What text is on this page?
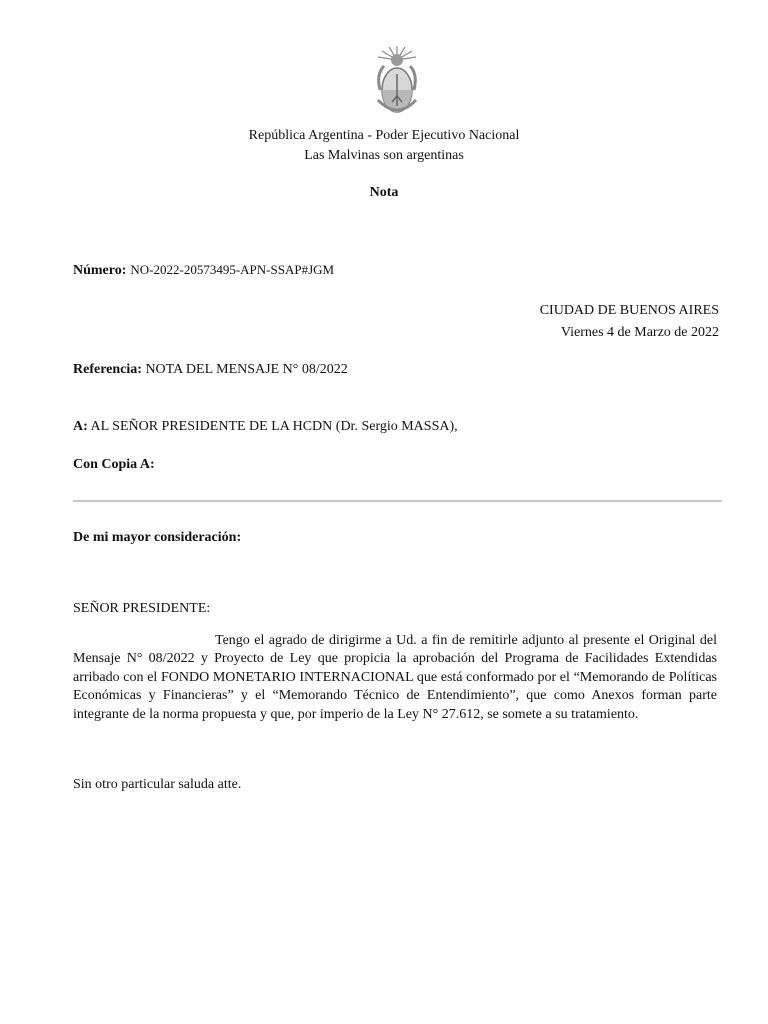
República Argentina - Poder Ejecutivo Nacional
Las Malvinas son argentinas
Nota
Número: NO-2022-20573495-APN-SSAP#JGM
CIUDAD DE BUENOS AIRES
Viernes 4 de Marzo de 2022
Referencia: NOTA DEL MENSAJE N° 08/2022
A: AL SEÑOR PRESIDENTE DE LA HCDN (Dr. Sergio MASSA),
Con Copia A:
De mi mayor consideración:
SEÑOR PRESIDENTE:
Tengo el agrado de dirigirme a Ud. a fin de remitirle adjunto al presente el Original del Mensaje N° 08/2022 y Proyecto de Ley que propicia la aprobación del Programa de Facilidades Extendidas arribado con el FONDO MONETARIO INTERNACIONAL que está conformado por el “Memorando de Políticas Económicas y Financieras” y el “Memorando Técnico de Entendimiento”, que como Anexos forman parte integrante de la norma propuesta y que, por imperio de la Ley N° 27.612, se somete a su tratamiento.
Sin otro particular saluda atte.
